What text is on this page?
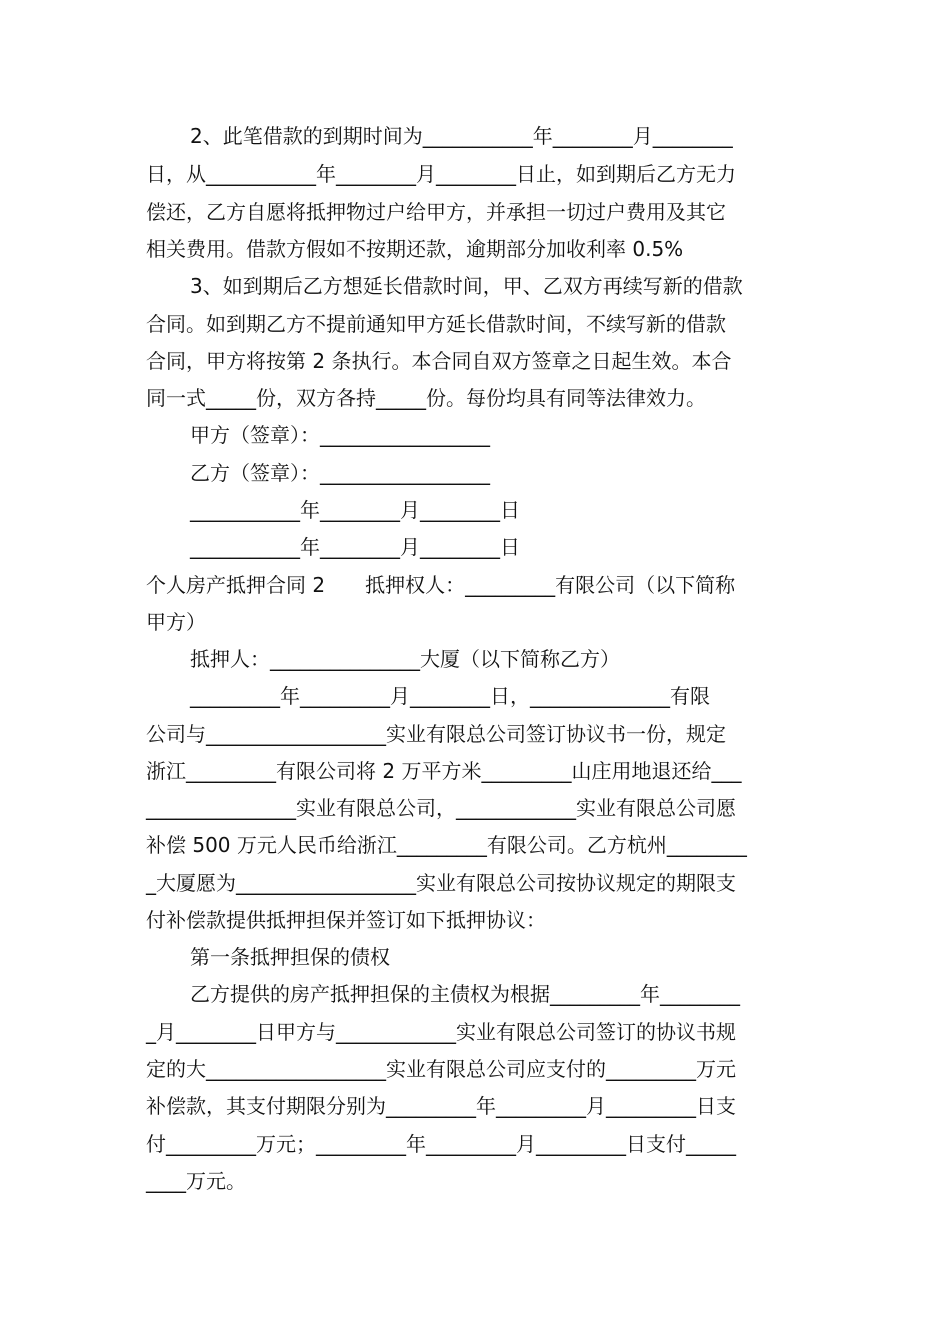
2、此笔借款的到期时间为___________年________月________
日，从___________年________月________日止，如到期后乙方无力
偿还，乙方自愿将抵押物过户给甲方，并承担一切过户费用及其它
相关费用。借款方假如不按期还款，逾期部分加收利率 0.5%
3、如到期后乙方想延长借款时间，甲、乙双方再续写新的借款
合同。如到期乙方不提前通知甲方延长借款时间，不续写新的借款
合同，甲方将按第 2 条执行。本合同自双方签章之日起生效。本合
同一式_____份，双方各持_____份。每份均具有同等法律效力。
甲方（签章）：_________________
乙方（签章）：_________________
___________年________月________日
___________年________月________日
个人房产抵押合同 2　　抵押权人：_________有限公司（以下简称
甲方）
抵押人：_______________大厦（以下简称乙方）
_________年_________月________日，______________有限
公司与__________________实业有限总公司签订协议书一份，规定
浙江_________有限公司将 2 万平方米_________山庄用地退还给___
_______________实业有限总公司，____________实业有限总公司愿
补偿 500 万元人民币给浙江_________有限公司。乙方杭州________
_大厦愿为__________________实业有限总公司按协议规定的期限支
付补偿款提供抵押担保并签订如下抵押协议：
第一条抵押担保的债权
乙方提供的房产抵押担保的主债权为根据_________年________
_月________日甲方与____________实业有限总公司签订的协议书规
定的大__________________实业有限总公司应支付的_________万元
补偿款，其支付期限分别为_________年_________月_________日支
付_________万元；_________年_________月_________日支付_____
____万元。
